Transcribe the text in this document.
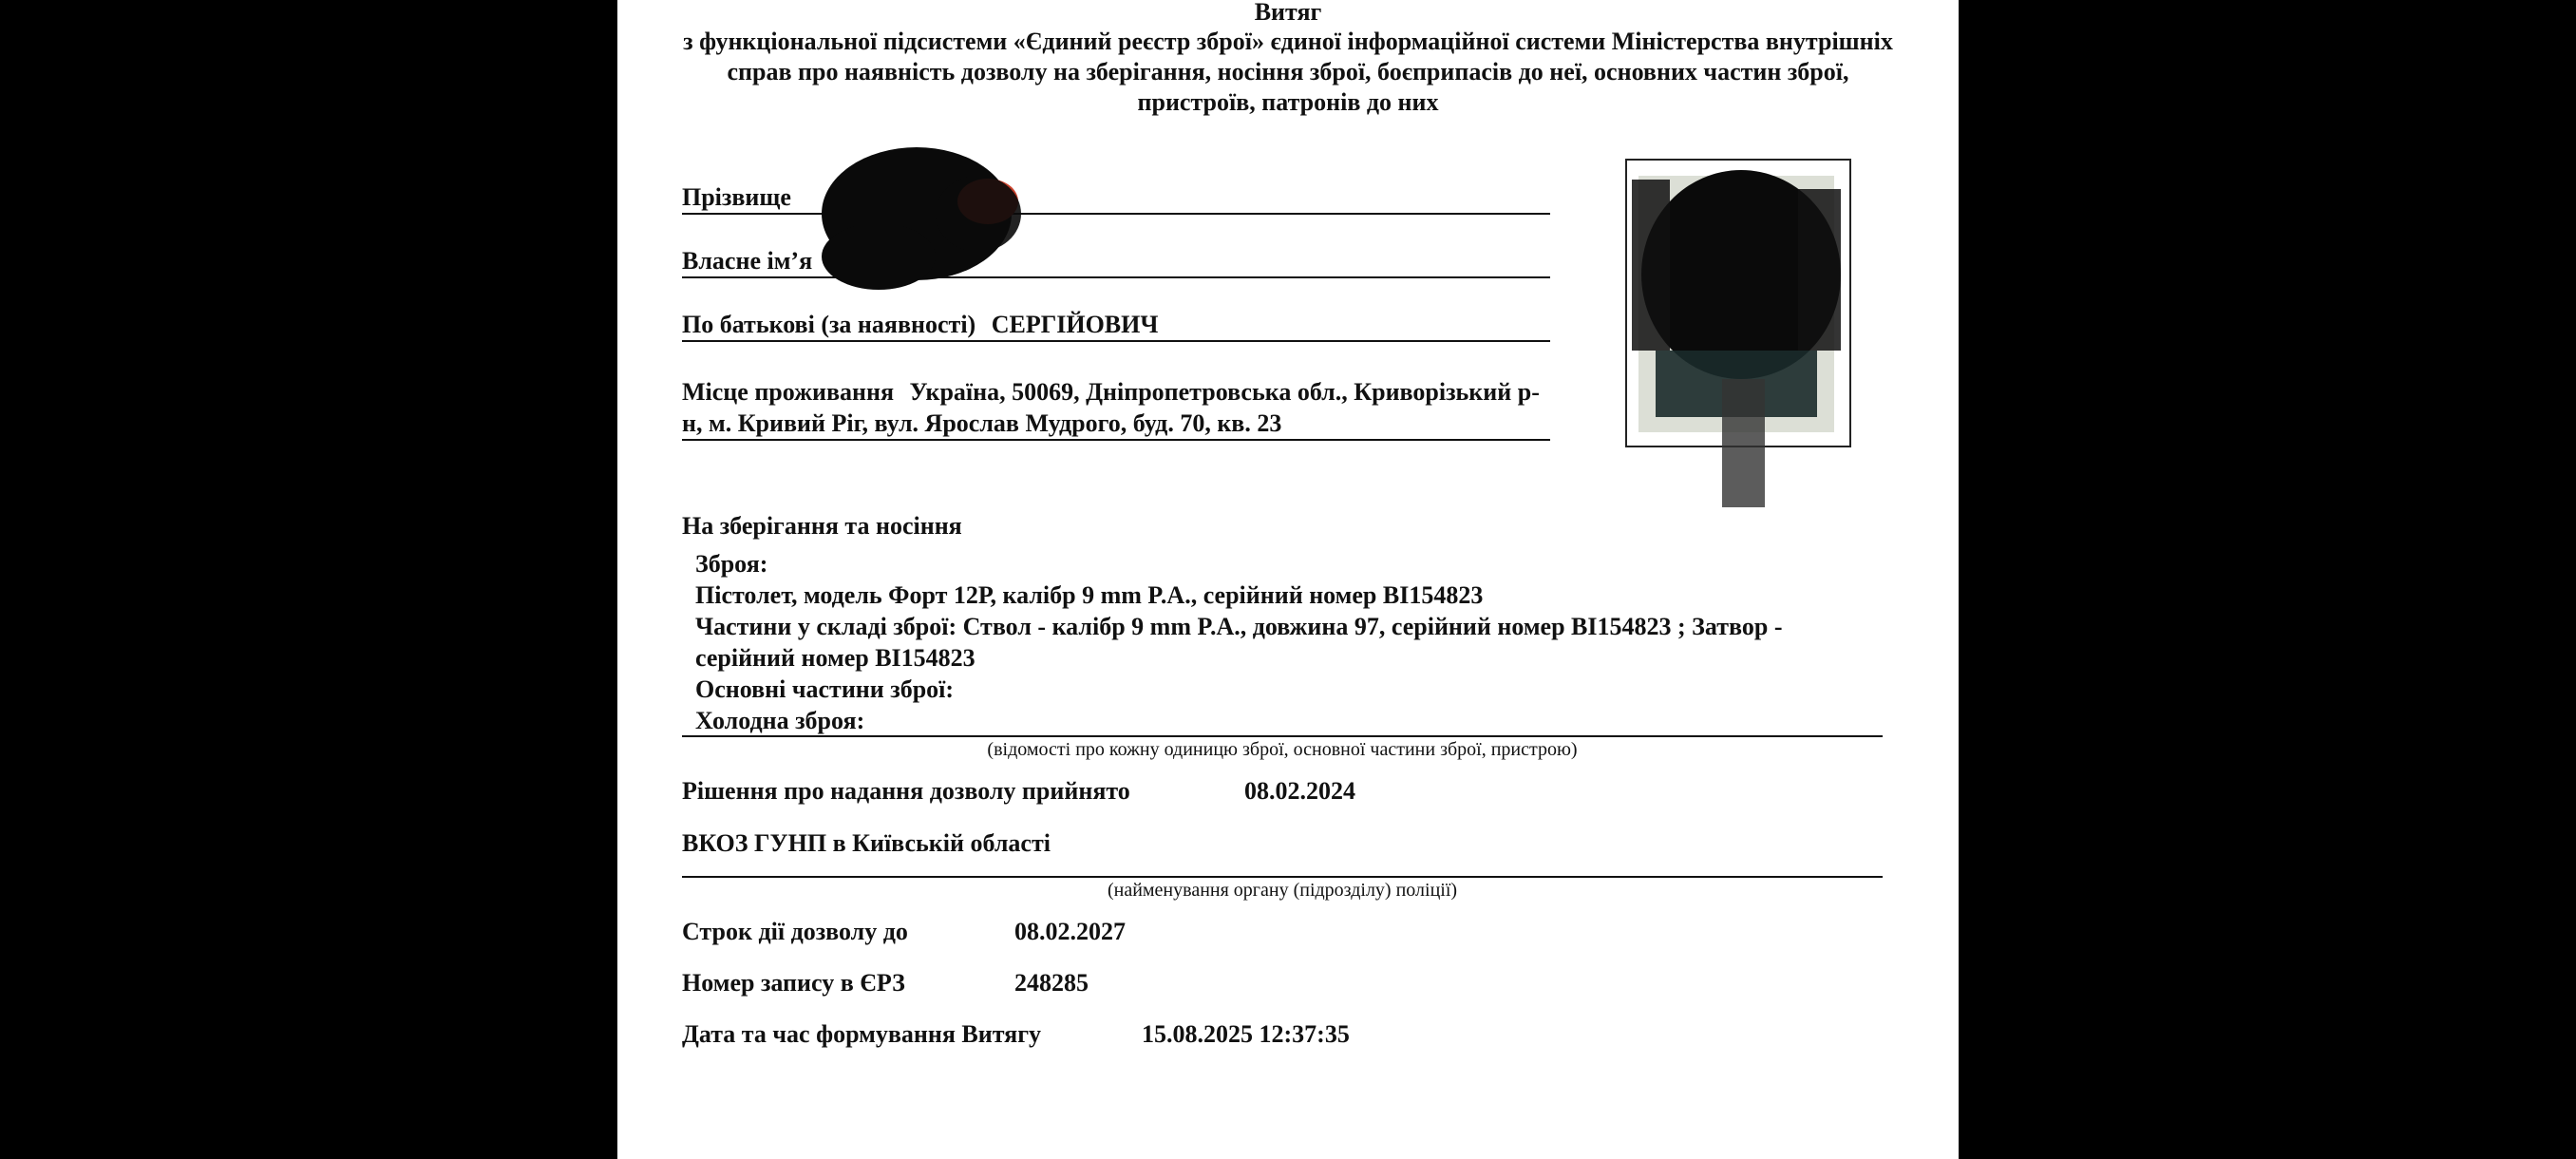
Витяг
з функціональної підсистеми «Єдиний реєстр зброї» єдиної інформаційної системи Міністерства внутрішніх справ про наявність дозволу на зберігання, носіння зброї, боєприпасів до неї, основних частин зброї, пристроїв, патронів до них
Прізвище
Власне ім’я
По батькові (за наявності) СЕРГІЙОВИЧ
Місце проживання Україна, 50069, Дніпропетровська обл., Криворізький р-н, м. Кривий Ріг, вул. Ярослав Мудрого, буд. 70, кв. 23
На зберігання та носіння
Зброя:
Пістолет, модель Форт 12Р, калібр 9 mm P.A., серійний номер ВІ154823
Частини у складі зброї: Ствол - калібр 9 mm P.A., довжина 97, серійний номер ВІ154823 ; Затвор - серійний номер ВІ154823
Основні частини зброї:
Холодна зброя:
(відомості про кожну одиницю зброї, основної частини зброї, пристрою)
Рішення про надання дозволу прийнято	08.02.2024
ВКОЗ ГУНП в Київській області
(найменування органу (підрозділу) поліції)
Строк дії дозволу до	08.02.2027
Номер запису в ЄРЗ	248285
Дата та час формування Витягу	15.08.2025 12:37:35
